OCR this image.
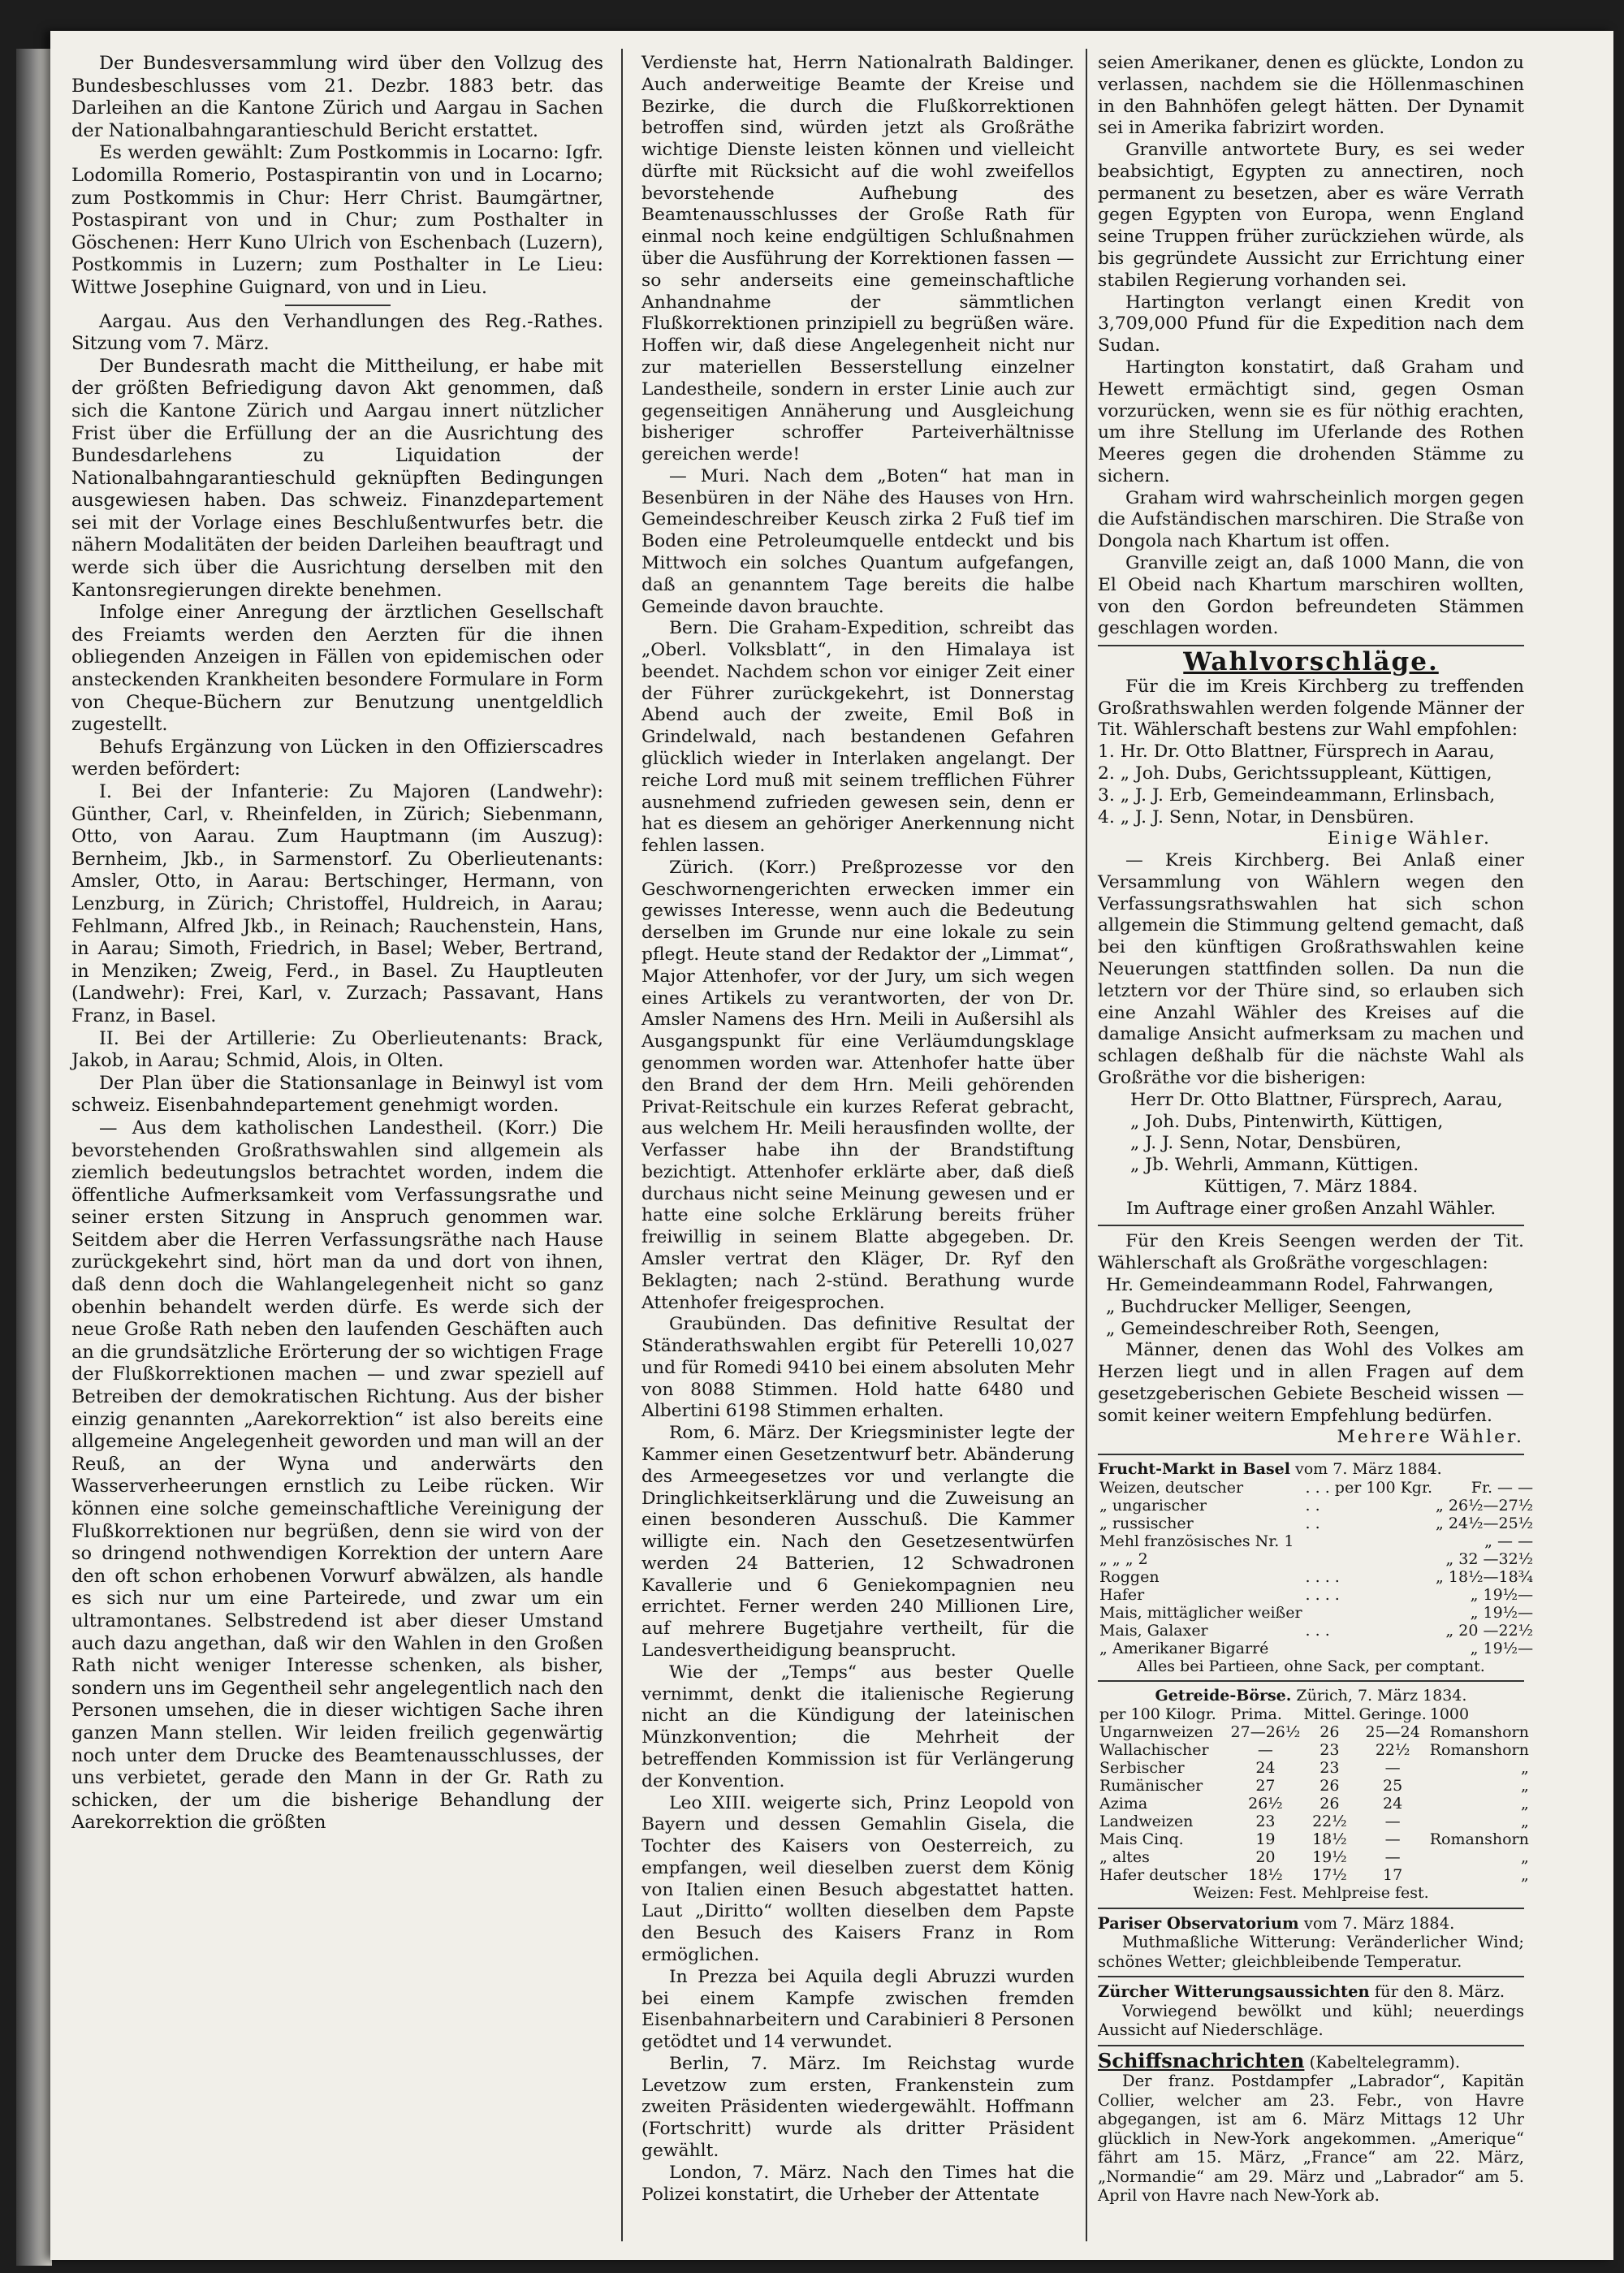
Der Bundesversammlung wird über den Vollzug des Bundesbeschlusses vom 21. Dezbr. 1883 betr. das Darleihen an die Kantone Zürich und Aargau in Sachen der Nationalbahngarantieschuld Bericht erstattet.

Es werden gewählt: Zum Postkommis in Locarno: Igfr. Lodomilla Romerio, Postaspirantin von und in Locarno; zum Postkommis in Chur: Herr Christ. Baumgärtner, Postaspirant von und in Chur; zum Posthalter in Göschenen: Herr Kuno Ulrich von Eschenbach (Luzern), Postkommis in Luzern; zum Posthalter in Le Lieu: Wittwe Josephine Guignard, von und in Lieu.

Aargau. Aus den Verhandlungen des Reg.-Rathes. Sitzung vom 7. März.

Der Bundesrath macht die Mittheilung, er habe mit der größten Befriedigung davon Akt genommen, daß sich die Kantone Zürich und Aargau innert nützlicher Frist über die Erfüllung der an die Ausrichtung des Bundesdarlehens zu Liquidation der Nationalbahngarantieschuld geknüpften Bedingungen ausgewiesen haben. Das schweiz. Finanzdepartement sei mit der Vorlage eines Beschlußentwurfes betr. die nähern Modalitäten der beiden Darleihen beauftragt und werde sich über die Ausrichtung derselben mit den Kantonsregierungen direkte benehmen.

Infolge einer Anregung der ärztlichen Gesellschaft des Freiamts werden den Aerzten für die ihnen obliegenden Anzeigen in Fällen von epidemischen oder ansteckenden Krankheiten besondere Formulare in Form von Cheque-Büchern zur Benutzung unentgeldlich zugestellt.

Behufs Ergänzung von Lücken in den Offizierscadres werden befördert:

I. Bei der Infanterie: Zu Majoren (Landwehr): Günther, Carl, v. Rheinfelden, in Zürich; Siebenmann, Otto, von Aarau. Zum Hauptmann (im Auszug): Bernheim, Jkb., in Sarmenstorf. Zu Oberlieutenants: Amsler, Otto, in Aarau: Bertschinger, Hermann, von Lenzburg, in Zürich; Christoffel, Huldreich, in Aarau; Fehlmann, Alfred Jkb., in Reinach; Rauchenstein, Hans, in Aarau; Simoth, Friedrich, in Basel; Weber, Bertrand, in Menziken; Zweig, Ferd., in Basel. Zu Hauptleuten (Landwehr): Frei, Karl, v. Zurzach; Passavant, Hans Franz, in Basel.

II. Bei der Artillerie: Zu Oberlieutenants: Brack, Jakob, in Aarau; Schmid, Alois, in Olten.

Der Plan über die Stationsanlage in Beinwyl ist vom schweiz. Eisenbahndepartement genehmigt worden.

— Aus dem katholischen Landestheil. (Korr.) Die bevorstehenden Großrathswahlen sind allgemein als ziemlich bedeutungslos betrachtet worden, indem die öffentliche Aufmerksamkeit vom Verfassungsrathe und seiner ersten Sitzung in Anspruch genommen war. Seitdem aber die Herren Verfassungsräthe nach Hause zurückgekehrt sind, hört man da und dort von ihnen, daß denn doch die Wahlangelegenheit nicht so ganz obenhin behandelt werden dürfe. Es werde sich der neue Große Rath neben den laufenden Geschäften auch an die grundsätzliche Erörterung der so wichtigen Frage der Flußkorrektionen machen — und zwar speziell auf Betreiben der demokratischen Richtung. Aus der bisher einzig genannten „Aarekorrektion“ ist also bereits eine allgemeine Angelegenheit geworden und man will an der Reuß, an der Wyna und anderwärts den Wasserverheerungen ernstlich zu Leibe rücken. Wir können eine solche gemeinschaftliche Vereinigung der Flußkorrektionen nur begrüßen, denn sie wird von der so dringend nothwendigen Korrektion der untern Aare den oft schon erhobenen Vorwurf abwälzen, als handle es sich nur um eine Parteirede, und zwar um ein ultramontanes. Selbstredend ist aber dieser Umstand auch dazu angethan, daß wir den Wahlen in den Großen Rath nicht weniger Interesse schenken, als bisher, sondern uns im Gegentheil sehr angelegentlich nach den Personen umsehen, die in dieser wichtigen Sache ihren ganzen Mann stellen. Wir leiden freilich gegenwärtig noch unter dem Drucke des Beamtenausschlusses, der uns verbietet, gerade den Mann in der Gr. Rath zu schicken, der um die bisherige Behandlung der Aarekorrektion die größten

Verdienste hat, Herrn Nationalrath Baldinger. Auch anderweitige Beamte der Kreise und Bezirke, die durch die Flußkorrektionen betroffen sind, würden jetzt als Großräthe wichtige Dienste leisten können und vielleicht dürfte mit Rücksicht auf die wohl zweifellos bevorstehende Aufhebung des Beamtenausschlusses der Große Rath für einmal noch keine endgültigen Schlußnahmen über die Ausführung der Korrektionen fassen — so sehr anderseits eine gemeinschaftliche Anhandnahme der sämmtlichen Flußkorrektionen prinzipiell zu begrüßen wäre. Hoffen wir, daß diese Angelegenheit nicht nur zur materiellen Besserstellung einzelner Landestheile, sondern in erster Linie auch zur gegenseitigen Annäherung und Ausgleichung bisheriger schroffer Parteiverhältnisse gereichen werde!

— Muri. Nach dem „Boten“ hat man in Besenbüren in der Nähe des Hauses von Hrn. Gemeindeschreiber Keusch zirka 2 Fuß tief im Boden eine Petroleumquelle entdeckt und bis Mittwoch ein solches Quantum aufgefangen, daß an genanntem Tage bereits die halbe Gemeinde davon brauchte.

Bern. Die Graham-Expedition, schreibt das „Oberl. Volksblatt“, in den Himalaya ist beendet. Nachdem schon vor einiger Zeit einer der Führer zurückgekehrt, ist Donnerstag Abend auch der zweite, Emil Boß in Grindelwald, nach bestandenen Gefahren glücklich wieder in Interlaken angelangt. Der reiche Lord muß mit seinem trefflichen Führer ausnehmend zufrieden gewesen sein, denn er hat es diesem an gehöriger Anerkennung nicht fehlen lassen.

Zürich. (Korr.) Preßprozesse vor den Geschwornengerichten erwecken immer ein gewisses Interesse, wenn auch die Bedeutung derselben im Grunde nur eine lokale zu sein pflegt. Heute stand der Redaktor der „Limmat“, Major Attenhofer, vor der Jury, um sich wegen eines Artikels zu verantworten, der von Dr. Amsler Namens des Hrn. Meili in Außersihl als Ausgangspunkt für eine Verläumdungsklage genommen worden war. Attenhofer hatte über den Brand der dem Hrn. Meili gehörenden Privat-Reitschule ein kurzes Referat gebracht, aus welchem Hr. Meili herausfinden wollte, der Verfasser habe ihn der Brandstiftung bezichtigt. Attenhofer erklärte aber, daß dieß durchaus nicht seine Meinung gewesen und er hatte eine solche Erklärung bereits früher freiwillig in seinem Blatte abgegeben. Dr. Amsler vertrat den Kläger, Dr. Ryf den Beklagten; nach 2-stünd. Berathung wurde Attenhofer freigesprochen.

Graubünden. Das definitive Resultat der Ständerathswahlen ergibt für Peterelli 10,027 und für Romedi 9410 bei einem absoluten Mehr von 8088 Stimmen. Hold hatte 6480 und Albertini 6198 Stimmen erhalten.

Rom, 6. März. Der Kriegsminister legte der Kammer einen Gesetzentwurf betr. Abänderung des Armeegesetzes vor und verlangte die Dringlichkeitserklärung und die Zuweisung an einen besonderen Ausschuß. Die Kammer willigte ein. Nach den Gesetzesentwürfen werden 24 Batterien, 12 Schwadronen Kavallerie und 6 Geniekompagnien neu errichtet. Ferner werden 240 Millionen Lire, auf mehrere Bugetjahre vertheilt, für die Landesvertheidigung beansprucht.

Wie der „Temps“ aus bester Quelle vernimmt, denkt die italienische Regierung nicht an die Kündigung der lateinischen Münzkonvention; die Mehrheit der betreffenden Kommission ist für Verlängerung der Konvention.

Leo XIII. weigerte sich, Prinz Leopold von Bayern und dessen Gemahlin Gisela, die Tochter des Kaisers von Oesterreich, zu empfangen, weil dieselben zuerst dem König von Italien einen Besuch abgestattet hatten. Laut „Diritto“ wollten dieselben dem Papste den Besuch des Kaisers Franz in Rom ermöglichen.

In Prezza bei Aquila degli Abruzzi wurden bei einem Kampfe zwischen fremden Eisenbahnarbeitern und Carabinieri 8 Personen getödtet und 14 verwundet.

Berlin, 7. März. Im Reichstag wurde Levetzow zum ersten, Frankenstein zum zweiten Präsidenten wiedergewählt. Hoffmann (Fortschritt) wurde als dritter Präsident gewählt.

London, 7. März. Nach den Times hat die Polizei konstatirt, die Urheber der Attentate

seien Amerikaner, denen es glückte, London zu verlassen, nachdem sie die Höllenmaschinen in den Bahnhöfen gelegt hätten. Der Dynamit sei in Amerika fabrizirt worden.

Granville antwortete Bury, es sei weder beabsichtigt, Egypten zu annectiren, noch permanent zu besetzen, aber es wäre Verrath gegen Egypten von Europa, wenn England seine Truppen früher zurückziehen würde, als bis gegründete Aussicht zur Errichtung einer stabilen Regierung vorhanden sei.

Hartington verlangt einen Kredit von 3,709,000 Pfund für die Expedition nach dem Sudan.

Hartington konstatirt, daß Graham und Hewett ermächtigt sind, gegen Osman vorzurücken, wenn sie es für nöthig erachten, um ihre Stellung im Uferlande des Rothen Meeres gegen die drohenden Stämme zu sichern.

Graham wird wahrscheinlich morgen gegen die Aufständischen marschiren. Die Straße von Dongola nach Khartum ist offen.

Granville zeigt an, daß 1000 Mann, die von El Obeid nach Khartum marschiren wollten, von den Gordon befreundeten Stämmen geschlagen worden.

Wahlvorschläge.

Für die im Kreis Kirchberg zu treffenden Großrathswahlen werden folgende Männer der Tit. Wählerschaft bestens zur Wahl empfohlen:

1. Hr. Dr. Otto Blattner, Fürsprech in Aarau,
2. „ Joh. Dubs, Gerichtssuppleant, Küttigen,
3. „ J. J. Erb, Gemeindeammann, Erlinsbach,
4. „ J. J. Senn, Notar, in Densbüren.
Einige Wähler.

— Kreis Kirchberg. Bei Anlaß einer Versammlung von Wählern wegen den Verfassungsrathswahlen hat sich schon allgemein die Stimmung geltend gemacht, daß bei den künftigen Großrathswahlen keine Neuerungen stattfinden sollen. Da nun die letztern vor der Thüre sind, so erlauben sich eine Anzahl Wähler des Kreises auf die damalige Ansicht aufmerksam zu machen und schlagen deßhalb für die nächste Wahl als Großräthe vor die bisherigen:

Herr Dr. Otto Blattner, Fürsprech, Aarau,
„ Joh. Dubs, Pintenwirth, Küttigen,
„ J. J. Senn, Notar, Densbüren,
„ Jb. Wehrli, Ammann, Küttigen.
Küttigen, 7. März 1884.
Im Auftrage einer großen Anzahl Wähler.

Für den Kreis Seengen werden der Tit. Wählerschaft als Großräthe vorgeschlagen:

Hr. Gemeindeammann Rodel, Fahrwangen,
„ Buchdrucker Melliger, Seengen,
„ Gemeindeschreiber Roth, Seengen,

Männer, denen das Wohl des Volkes am Herzen liegt und in allen Fragen auf dem gesetzgeberischen Gebiete Bescheid wissen — somit keiner weitern Empfehlung bedürfen.

Mehrere Wähler.
Frucht-Markt in Basel vom 7. März 1884.
Weizen, deutscher	. . . per 100 Kgr.	Fr. — —
„ ungarischer	. .	„ 26½—27½
„ russischer	. .	„ 24½—25½
Mehl französisches Nr. 1		„ — —
„ „ „ 2		„ 32 —32½
Roggen	. . . .	„ 18½—18¾
Hafer	. . . .	„ 19½—
Mais, mittäglicher weißer		„ 19½—
Mais, Galaxer	. . .	„ 20 —22½
„ Amerikaner Bigarré		„ 19½—
Alles bei Partieen, ohne Sack, per comptant.
Getreide-Börse. Zürich, 7. März 1834.
per 100 Kilogr.	Prima.	Mittel.	Geringe.	1000
Ungarnweizen	27—26½	26	25—24	Romanshorn
Wallachischer	—	23	22½	Romanshorn
Serbischer	24	23	—	„
Rumänischer	27	26	25	„
Azima	26½	26	24	„
Landweizen	23	22½	—	„
Mais Cinq.	19	18½	—	Romanshorn
„ altes	20	19½	—	„
Hafer deutscher	18½	17½	17	„
Weizen: Fest. Mehlpreise fest.
Pariser Observatorium vom 7. März 1884.
Muthmaßliche Witterung: Veränderlicher Wind; schönes Wetter; gleichbleibende Temperatur.
Zürcher Witterungsaussichten für den 8. März.
Vorwiegend bewölkt und kühl; neuerdings Aussicht auf Niederschläge.
Schiffsnachrichten (Kabeltelegramm).
Der franz. Postdampfer „Labrador“, Kapitän Collier, welcher am 23. Febr., von Havre abgegangen, ist am 6. März Mittags 12 Uhr glücklich in New-York angekommen. „Amerique“ fährt am 15. März, „France“ am 22. März, „Normandie“ am 29. März und „Labrador“ am 5. April von Havre nach New-York ab.
